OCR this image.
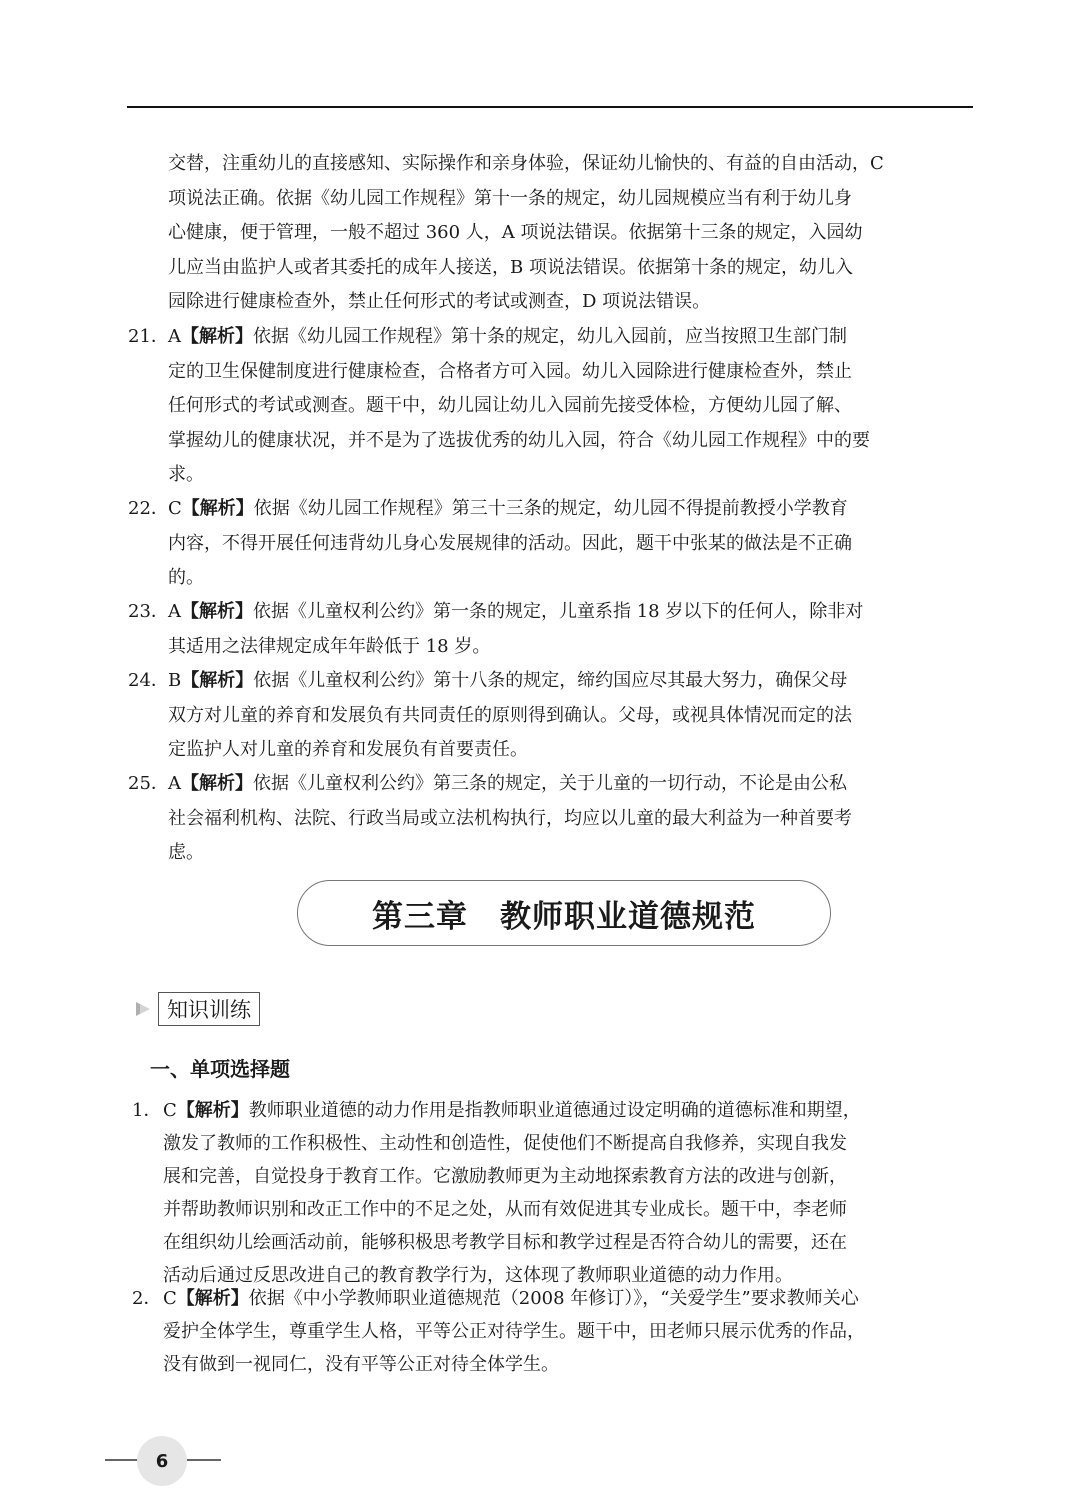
交替，注重幼儿的直接感知、实际操作和亲身体验，保证幼儿愉快的、有益的自由活动，C
项说法正确。依据《幼儿园工作规程》第十一条的规定，幼儿园规模应当有利于幼儿身
心健康，便于管理，一般不超过 360 人，A 项说法错误。依据第十三条的规定，入园幼
儿应当由监护人或者其委托的成年人接送，B 项说法错误。依据第十条的规定，幼儿入
园除进行健康检查外，禁止任何形式的考试或测查，D 项说法错误。
21． A【解析】依据《幼儿园工作规程》第十条的规定，幼儿入园前，应当按照卫生部门制
定的卫生保健制度进行健康检查，合格者方可入园。幼儿入园除进行健康检查外，禁止
任何形式的考试或测查。题干中，幼儿园让幼儿入园前先接受体检，方便幼儿园了解、
掌握幼儿的健康状况，并不是为了选拔优秀的幼儿入园，符合《幼儿园工作规程》中的要
求。
22． C【解析】依据《幼儿园工作规程》第三十三条的规定，幼儿园不得提前教授小学教育
内容，不得开展任何违背幼儿身心发展规律的活动。因此，题干中张某的做法是不正确
的。
23． A【解析】依据《儿童权利公约》第一条的规定，儿童系指 18 岁以下的任何人，除非对
其适用之法律规定成年年龄低于 18 岁。
24． B【解析】依据《儿童权利公约》第十八条的规定，缔约国应尽其最大努力，确保父母
双方对儿童的养育和发展负有共同责任的原则得到确认。父母，或视具体情况而定的法
定监护人对儿童的养育和发展负有首要责任。
25． A【解析】依据《儿童权利公约》第三条的规定，关于儿童的一切行动，不论是由公私
社会福利机构、法院、行政当局或立法机构执行，均应以儿童的最大利益为一种首要考
虑。
第三章　教师职业道德规范
知识训练
一、单项选择题
1． C【解析】教师职业道德的动力作用是指教师职业道德通过设定明确的道德标准和期望，
激发了教师的工作积极性、主动性和创造性，促使他们不断提高自我修养，实现自我发
展和完善，自觉投身于教育工作。它激励教师更为主动地探索教育方法的改进与创新，
并帮助教师识别和改正工作中的不足之处，从而有效促进其专业成长。题干中，李老师
在组织幼儿绘画活动前，能够积极思考教学目标和教学过程是否符合幼儿的需要，还在
活动后通过反思改进自己的教育教学行为，这体现了教师职业道德的动力作用。
2． C【解析】依据《中小学教师职业道德规范（2008 年修订）》，“关爱学生”要求教师关心
爱护全体学生，尊重学生人格，平等公正对待学生。题干中，田老师只展示优秀的作品，
没有做到一视同仁，没有平等公正对待全体学生。
6
